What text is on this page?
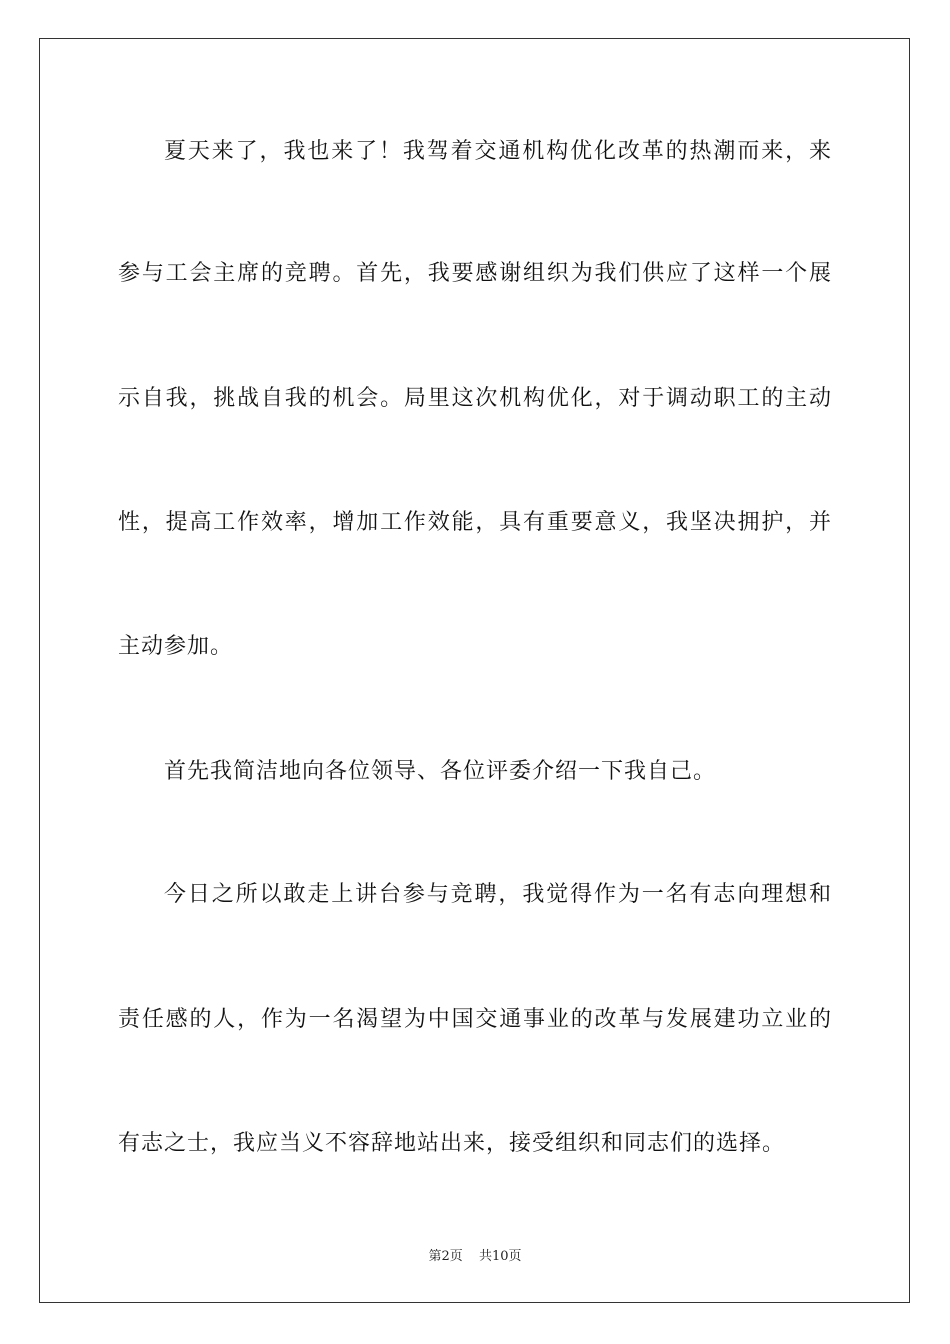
夏天来了，我也来了！我驾着交通机构优化改革的热潮而来，来
参与工会主席的竞聘。首先，我要感谢组织为我们供应了这样一个展
示自我，挑战自我的机会。局里这次机构优化，对于调动职工的主动
性，提高工作效率，增加工作效能，具有重要意义，我坚决拥护，并
主动参加。
首先我简洁地向各位领导、各位评委介绍一下我自己。
今日之所以敢走上讲台参与竞聘，我觉得作为一名有志向理想和
责任感的人，作为一名渴望为中国交通事业的改革与发展建功立业的
有志之士，我应当义不容辞地站出来，接受组织和同志们的选择。
第2页 共10页
